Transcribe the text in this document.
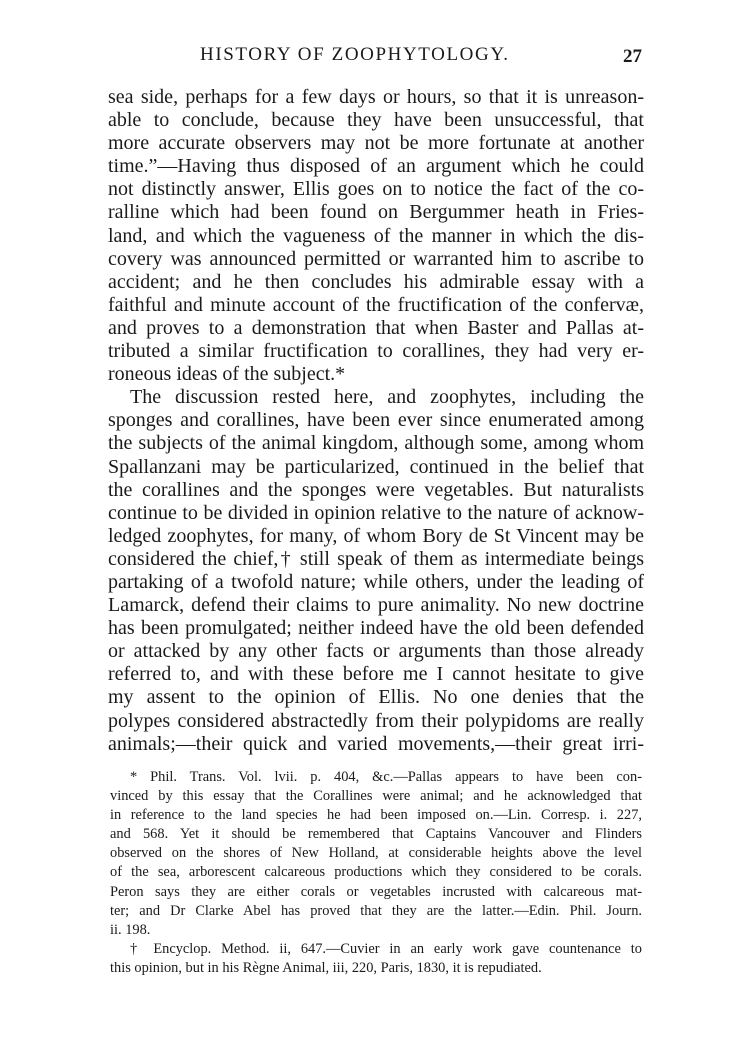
HISTORY OF ZOOPHYTOLOGY.	27
sea side, perhaps for a few days or hours, so that it is unreason-
able to conclude, because they have been unsuccessful, that
more accurate observers may not be more fortunate at another
time.”—Having thus disposed of an argument which he could
not distinctly answer, Ellis goes on to notice the fact of the co-
ralline which had been found on Bergummer heath in Fries-
land, and which the vagueness of the manner in which the dis-
covery was announced permitted or warranted him to ascribe to
accident; and he then concludes his admirable essay with a
faithful and minute account of the fructification of the confervæ,
and proves to a demonstration that when Baster and Pallas at-
tributed a similar fructification to corallines, they had very er-
roneous ideas of the subject.*
The discussion rested here, and zoophytes, including the
sponges and corallines, have been ever since enumerated among
the subjects of the animal kingdom, although some, among whom
Spallanzani may be particularized, continued in the belief that
the corallines and the sponges were vegetables. But naturalists
continue to be divided in opinion relative to the nature of acknow-
ledged zoophytes, for many, of whom Bory de St Vincent may be
considered the chief,† still speak of them as intermediate beings
partaking of a twofold nature; while others, under the leading of
Lamarck, defend their claims to pure animality. No new doctrine
has been promulgated; neither indeed have the old been defended
or attacked by any other facts or arguments than those already
referred to, and with these before me I cannot hesitate to give
my assent to the opinion of Ellis. No one denies that the
polypes considered abstractedly from their polypidoms are really
animals;—their quick and varied movements,—their great irri-
* Phil. Trans. Vol. lvii. p. 404, &c.—Pallas appears to have been con-
vinced by this essay that the Corallines were animal; and he acknowledged that
in reference to the land species he had been imposed on.—Lin. Corresp. i. 227,
and 568. Yet it should be remembered that Captains Vancouver and Flinders
observed on the shores of New Holland, at considerable heights above the level
of the sea, arborescent calcareous productions which they considered to be corals.
Peron says they are either corals or vegetables incrusted with calcareous mat-
ter; and Dr Clarke Abel has proved that they are the latter.—Edin. Phil. Journ.
ii. 198.
† Encyclop. Method. ii, 647.—Cuvier in an early work gave countenance to
this opinion, but in his Règne Animal, iii, 220, Paris, 1830, it is repudiated.
